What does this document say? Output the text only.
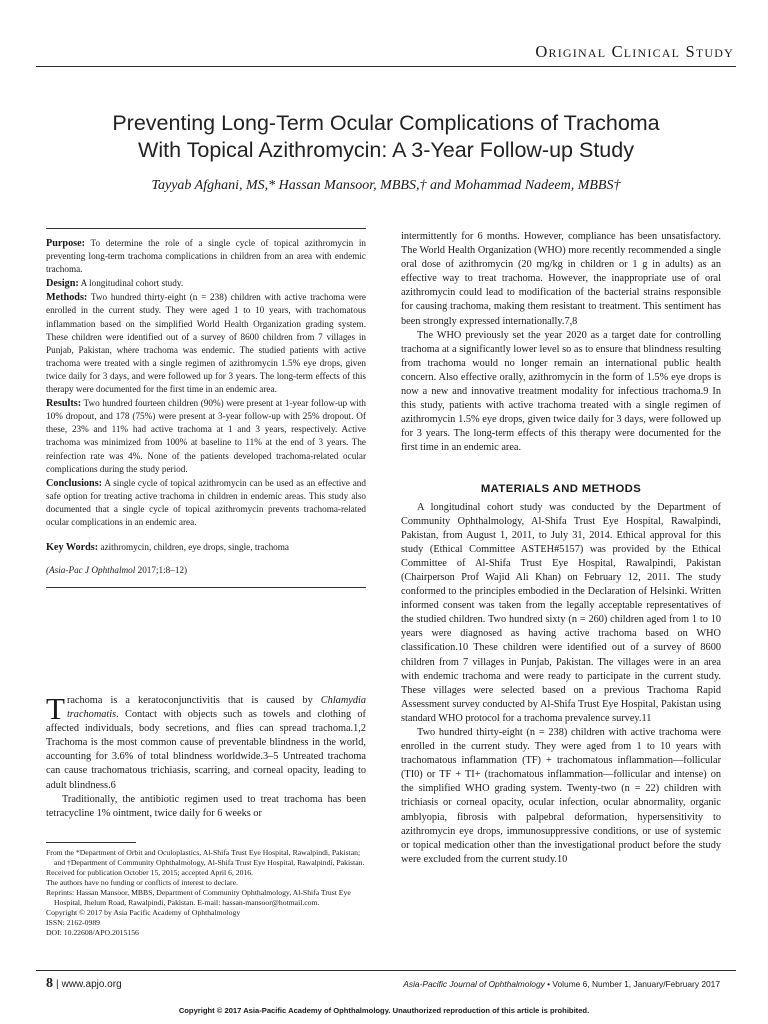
Original Clinical Study
Preventing Long-Term Ocular Complications of Trachoma
With Topical Azithromycin: A 3-Year Follow-up Study
Tayyab Afghani, MS,* Hassan Mansoor, MBBS,† and Mohammad Nadeem, MBBS†

Purpose: To determine the role of a single cycle of topical azithromycin in preventing long-term trachoma complications in children from an area with endemic trachoma.

Design: A longitudinal cohort study.

Methods: Two hundred thirty-eight (n = 238) children with active trachoma were enrolled in the current study. They were aged 1 to 10 years, with trachomatous inflammation based on the simplified World Health Organization grading system. These children were identified out of a survey of 8600 children from 7 villages in Punjab, Pakistan, where trachoma was endemic. The studied patients with active trachoma were treated with a single regimen of azithromycin 1.5% eye drops, given twice daily for 3 days, and were followed up for 3 years. The long-term effects of this therapy were documented for the first time in an endemic area.

Results: Two hundred fourteen children (90%) were present at 1-year follow-up with 10% dropout, and 178 (75%) were present at 3-year follow-up with 25% dropout. Of these, 23% and 11% had active trachoma at 1 and 3 years, respectively. Active trachoma was minimized from 100% at baseline to 11% at the end of 3 years. The reinfection rate was 4%. None of the patients developed trachoma-related ocular complications during the study period.

Conclusions: A single cycle of topical azithromycin can be used as an effective and safe option for treating active trachoma in children in endemic areas. This study also documented that a single cycle of topical azithromycin prevents trachoma-related ocular complications in an endemic area.

Key Words: azithromycin, children, eye drops, single, trachoma

(Asia-Pac J Ophthalmol 2017;1:8–12)

Trachoma is a keratoconjunctivitis that is caused by Chlamydia trachomatis. Contact with objects such as towels and clothing of affected individuals, body secretions, and flies can spread trachoma.1,2 Trachoma is the most common cause of preventable blindness in the world, accounting for 3.6% of total blindness worldwide.3–5 Untreated trachoma can cause trachomatous trichiasis, scarring, and corneal opacity, leading to adult blindness.6

Traditionally, the antibiotic regimen used to treat trachoma has been tetracycline 1% ointment, twice daily for 6 weeks or

intermittently for 6 months. However, compliance has been unsatisfactory. The World Health Organization (WHO) more recently recommended a single oral dose of azithromycin (20 mg/kg in children or 1 g in adults) as an effective way to treat trachoma. However, the inappropriate use of oral azithromycin could lead to modification of the bacterial strains responsible for causing trachoma, making them resistant to treatment. This sentiment has been strongly expressed internationally.7,8

The WHO previously set the year 2020 as a target date for controlling trachoma at a significantly lower level so as to ensure that blindness resulting from trachoma would no longer remain an international public health concern. Also effective orally, azithromycin in the form of 1.5% eye drops is now a new and innovative treatment modality for infectious trachoma.9 In this study, patients with active trachoma treated with a single regimen of azithromycin 1.5% eye drops, given twice daily for 3 days, were followed up for 3 years. The long-term effects of this therapy were documented for the first time in an endemic area.

MATERIALS AND METHODS

A longitudinal cohort study was conducted by the Department of Community Ophthalmology, Al-Shifa Trust Eye Hospital, Rawalpindi, Pakistan, from August 1, 2011, to July 31, 2014. Ethical approval for this study (Ethical Committee ASTEH#5157) was provided by the Ethical Committee of Al-Shifa Trust Eye Hospital, Rawalpindi, Pakistan (Chairperson Prof Wajid Ali Khan) on February 12, 2011. The study conformed to the principles embodied in the Declaration of Helsinki. Written informed consent was taken from the legally acceptable representatives of the studied children. Two hundred sixty (n = 260) children aged from 1 to 10 years were diagnosed as having active trachoma based on WHO classification.10 These children were identified out of a survey of 8600 children from 7 villages in Punjab, Pakistan. The villages were in an area with endemic trachoma and were ready to participate in the current study. These villages were selected based on a previous Trachoma Rapid Assessment survey conducted by Al-Shifa Trust Eye Hospital, Pakistan using standard WHO protocol for a trachoma prevalence survey.11

Two hundred thirty-eight (n = 238) children with active trachoma were enrolled in the current study. They were aged from 1 to 10 years with trachomatous inflammation (TF) + trachomatous inflammation—follicular (TI0) or TF + TI+ (trachomatous inflammation—follicular and intense) on the simplified WHO grading system. Twenty-two (n = 22) children with trichiasis or corneal opacity, ocular infection, ocular abnormality, organic amblyopia, fibrosis with palpebral deformation, hypersensitivity to azithromycin eye drops, immunosuppressive conditions, or use of systemic or topical medication other than the investigational product before the study were excluded from the current study.10

From the *Department of Orbit and Oculoplastics, Al-Shifa Trust Eye Hospital, Rawalpindi, Pakistan; and †Department of Community Ophthalmology, Al-Shifa Trust Eye Hospital, Rawalpindi, Pakistan.

Received for publication October 15, 2015; accepted April 6, 2016.

The authors have no funding or conflicts of interest to declare.

Reprints: Hassan Mansoor, MBBS, Department of Community Ophthalmology, Al-Shifa Trust Eye Hospital, Jhelum Road, Rawalpindi, Pakistan. E-mail: hassan-mansoor@hotmail.com.

Copyright © 2017 by Asia Pacific Academy of Ophthalmology

ISSN: 2162-0989

DOI: 10.22608/APO.2015156

8 | www.apjo.org	Asia-Pacific Journal of Ophthalmology • Volume 6, Number 1, January/February 2017
Copyright © 2017 Asia-Pacific Academy of Ophthalmology. Unauthorized reproduction of this article is prohibited.
